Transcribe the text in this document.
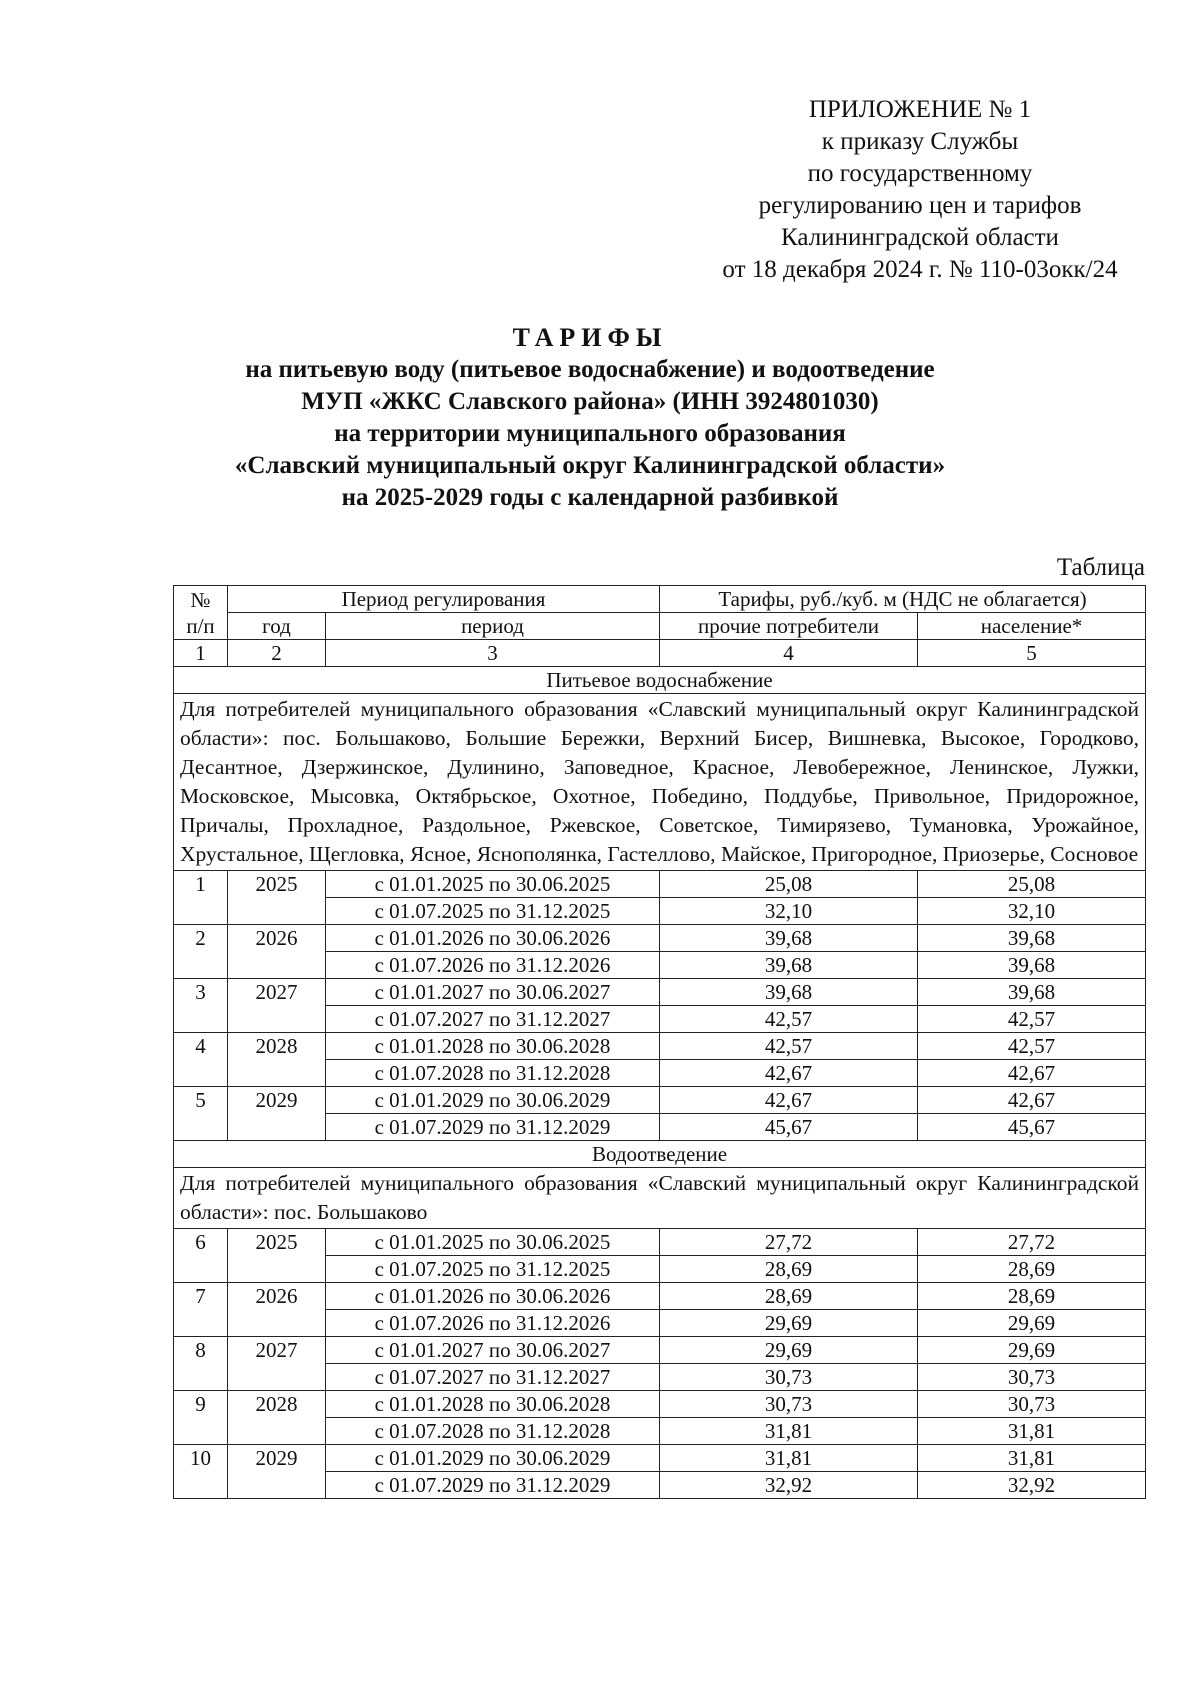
ПРИЛОЖЕНИЕ № 1
к приказу Службы
по государственному
регулированию цен и тарифов
Калининградской области
от 18 декабря 2024 г. № 110-03окк/24
ТАРИФЫ
на питьевую воду (питьевое водоснабжение) и водоотведение
МУП «ЖКС Славского района» (ИНН 3924801030)
на территории муниципального образования
«Славский муниципальный округ Калининградской области»
на 2025-2029 годы с календарной разбивкой
Таблица
№
п/п	Период регулирования		Тарифы, руб./куб. м (НДС не облагается)	
	год	период	прочие потребители	население*
1	2	3	4	5
Питьевое водоснабжение				
Для потребителей муниципального образования «Славский муниципальный округ Калининградской области»: пос. Большаково, Большие Бережки, Верхний Бисер, Вишневка, Высокое, Городково, Десантное, Дзержинское, Дулинино, Заповедное, Красное, Левобережное, Ленинское, Лужки, Московское, Мысовка, Октябрьское, Охотное, Побединo, Поддубье, Привольное, Придорожное, Причалы, Прохладное, Раздольное, Ржевское, Советское, Тимирязево, Тумановка, Урожайное, Хрустальное, Щегловка, Ясное, Яснополянка, Гастеллово, Майское, Пригородное, Приозерье, Сосновое				
1	2025	с 01.01.2025 по 30.06.2025	25,08	25,08
		с 01.07.2025 по 31.12.2025	32,10	32,10
2	2026	с 01.01.2026 по 30.06.2026	39,68	39,68
		с 01.07.2026 по 31.12.2026	39,68	39,68
3	2027	с 01.01.2027 по 30.06.2027	39,68	39,68
		с 01.07.2027 по 31.12.2027	42,57	42,57
4	2028	с 01.01.2028 по 30.06.2028	42,57	42,57
		с 01.07.2028 по 31.12.2028	42,67	42,67
5	2029	с 01.01.2029 по 30.06.2029	42,67	42,67
		с 01.07.2029 по 31.12.2029	45,67	45,67
Водоотведение				
Для потребителей муниципального образования «Славский муниципальный округ Калининградской области»: пос. Большаково				
6	2025	с 01.01.2025 по 30.06.2025	27,72	27,72
		с 01.07.2025 по 31.12.2025	28,69	28,69
7	2026	с 01.01.2026 по 30.06.2026	28,69	28,69
		с 01.07.2026 по 31.12.2026	29,69	29,69
8	2027	с 01.01.2027 по 30.06.2027	29,69	29,69
		с 01.07.2027 по 31.12.2027	30,73	30,73
9	2028	с 01.01.2028 по 30.06.2028	30,73	30,73
		с 01.07.2028 по 31.12.2028	31,81	31,81
10	2029	с 01.01.2029 по 30.06.2029	31,81	31,81
		с 01.07.2029 по 31.12.2029	32,92	32,92
